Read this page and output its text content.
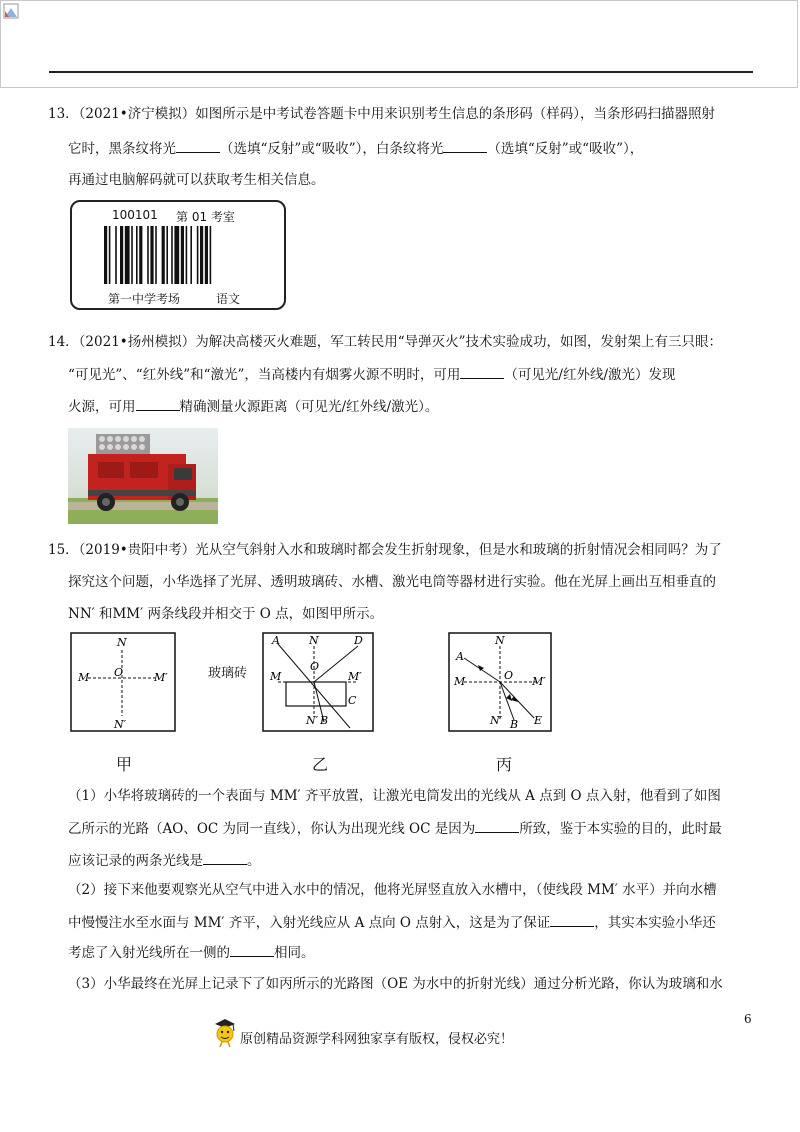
13．（2021•济宁模拟）如图所示是中考试卷答题卡中用来识别考生信息的条形码（样码），当条形码扫描器照射
它时，黑条纹将光	（选填“反射”或“吸收”），白条纹将光	（选填“反射”或“吸收”），
再通过电脑解码就可以获取考生相关信息。
100101 第 01 考室
第一中学考场	语文
14．（2021•扬州模拟）为解决高楼灭火难题，军工转民用“导弹灭火”技术实验成功，如图，发射架上有三只眼：
“可见光”、“红外线”和“激光”，当高楼内有烟雾火源不明时，可用	（可见光/红外线/激光）发现
火源，可用	精确测量火源距离（可见光/红外线/激光）。
15．（2019•贵阳中考）光从空气斜射入水和玻璃时都会发生折射现象，但是水和玻璃的折射情况会相同吗？为了
探究这个问题，小华选择了光屏、透明玻璃砖、水槽、激光电筒等器材进行实验。他在光屏上画出互相垂直的
NN′ 和MM′ 两条线段并相交于 O 点，如图甲所示。
N
N′
M	M′
O
A	N	D
O
M	M′
C
N′ B
玻璃砖
A
N
O
M	M′
N′ B E
甲	乙	丙
（1）小华将玻璃砖的一个表面与 MM′ 齐平放置，让激光电筒发出的光线从 A 点到 O 点入射，他看到了如图
乙所示的光路（AO、OC 为同一直线），你认为出现光线 OC 是因为	所致，鉴于本实验的目的，此时最
应该记录的两条光线是	。
（2）接下来他要观察光从空气中进入水中的情况，他将光屏竖直放入水槽中，（使线段 MM′ 水平）并向水槽
中慢慢注水至水面与 MM′ 齐平，入射光线应从 A 点向 O 点射入，这是为了保证	，其实本实验小华还
考虑了入射光线所在一侧的	相同。
（3）小华最终在光屏上记录下了如丙所示的光路图（OE 为水中的折射光线）通过分析光路，你认为玻璃和水
6
原创精品资源学科网独家享有版权，侵权必究！
